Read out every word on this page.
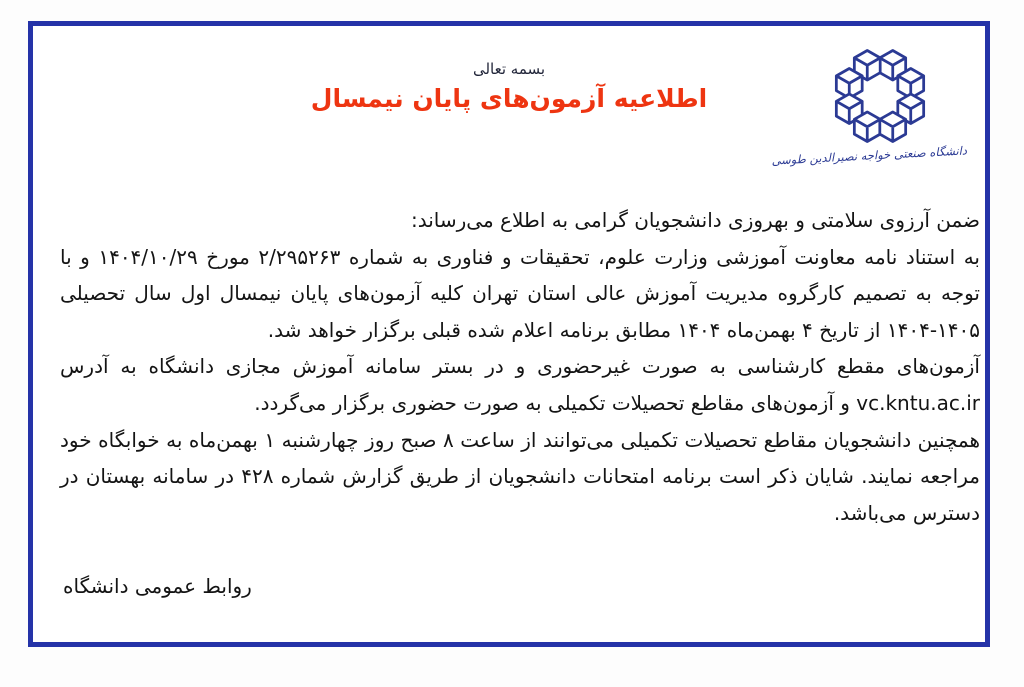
بسمه تعالی
اطلاعیه آزمون‌های پایان نیمسال
دانشگاه صنعتی خواجه نصیرالدین طوسی

ضمن آرزوی سلامتی و بهروزی دانشجویان گرامی به اطلاع می‌رساند:

به استناد نامه معاونت آموزشی وزارت علوم، تحقیقات و فناوری به شماره ۲/۲۹۵۲۶۳ مورخ ۱۴۰۴/۱۰/۲۹ و با توجه به تصمیم کارگروه مدیریت آموزش عالی استان تهران کلیه آزمون‌های پایان نیمسال اول سال تحصیلی ۱۴۰۵-۱۴۰۴ از تاریخ ۴ بهمن‌ماه ۱۴۰۴ مطابق برنامه اعلام شده قبلی برگزار خواهد شد.

آزمون‌های مقطع کارشناسی به صورت غیرحضوری و در بستر سامانه آموزش مجازی دانشگاه به آدرس vc.kntu.ac.ir و آزمون‌های مقاطع تحصیلات تکمیلی به صورت حضوری برگزار می‌گردد.

همچنین دانشجویان مقاطع تحصیلات تکمیلی می‌توانند از ساعت ۸ صبح روز چهارشنبه ۱ بهمن‌ماه به خوابگاه خود مراجعه نمایند. شایان ذکر است برنامه امتحانات دانشجویان از طریق گزارش شماره ۴۲۸ در سامانه بهستان در دسترس می‌باشد.

روابط عمومی دانشگاه
